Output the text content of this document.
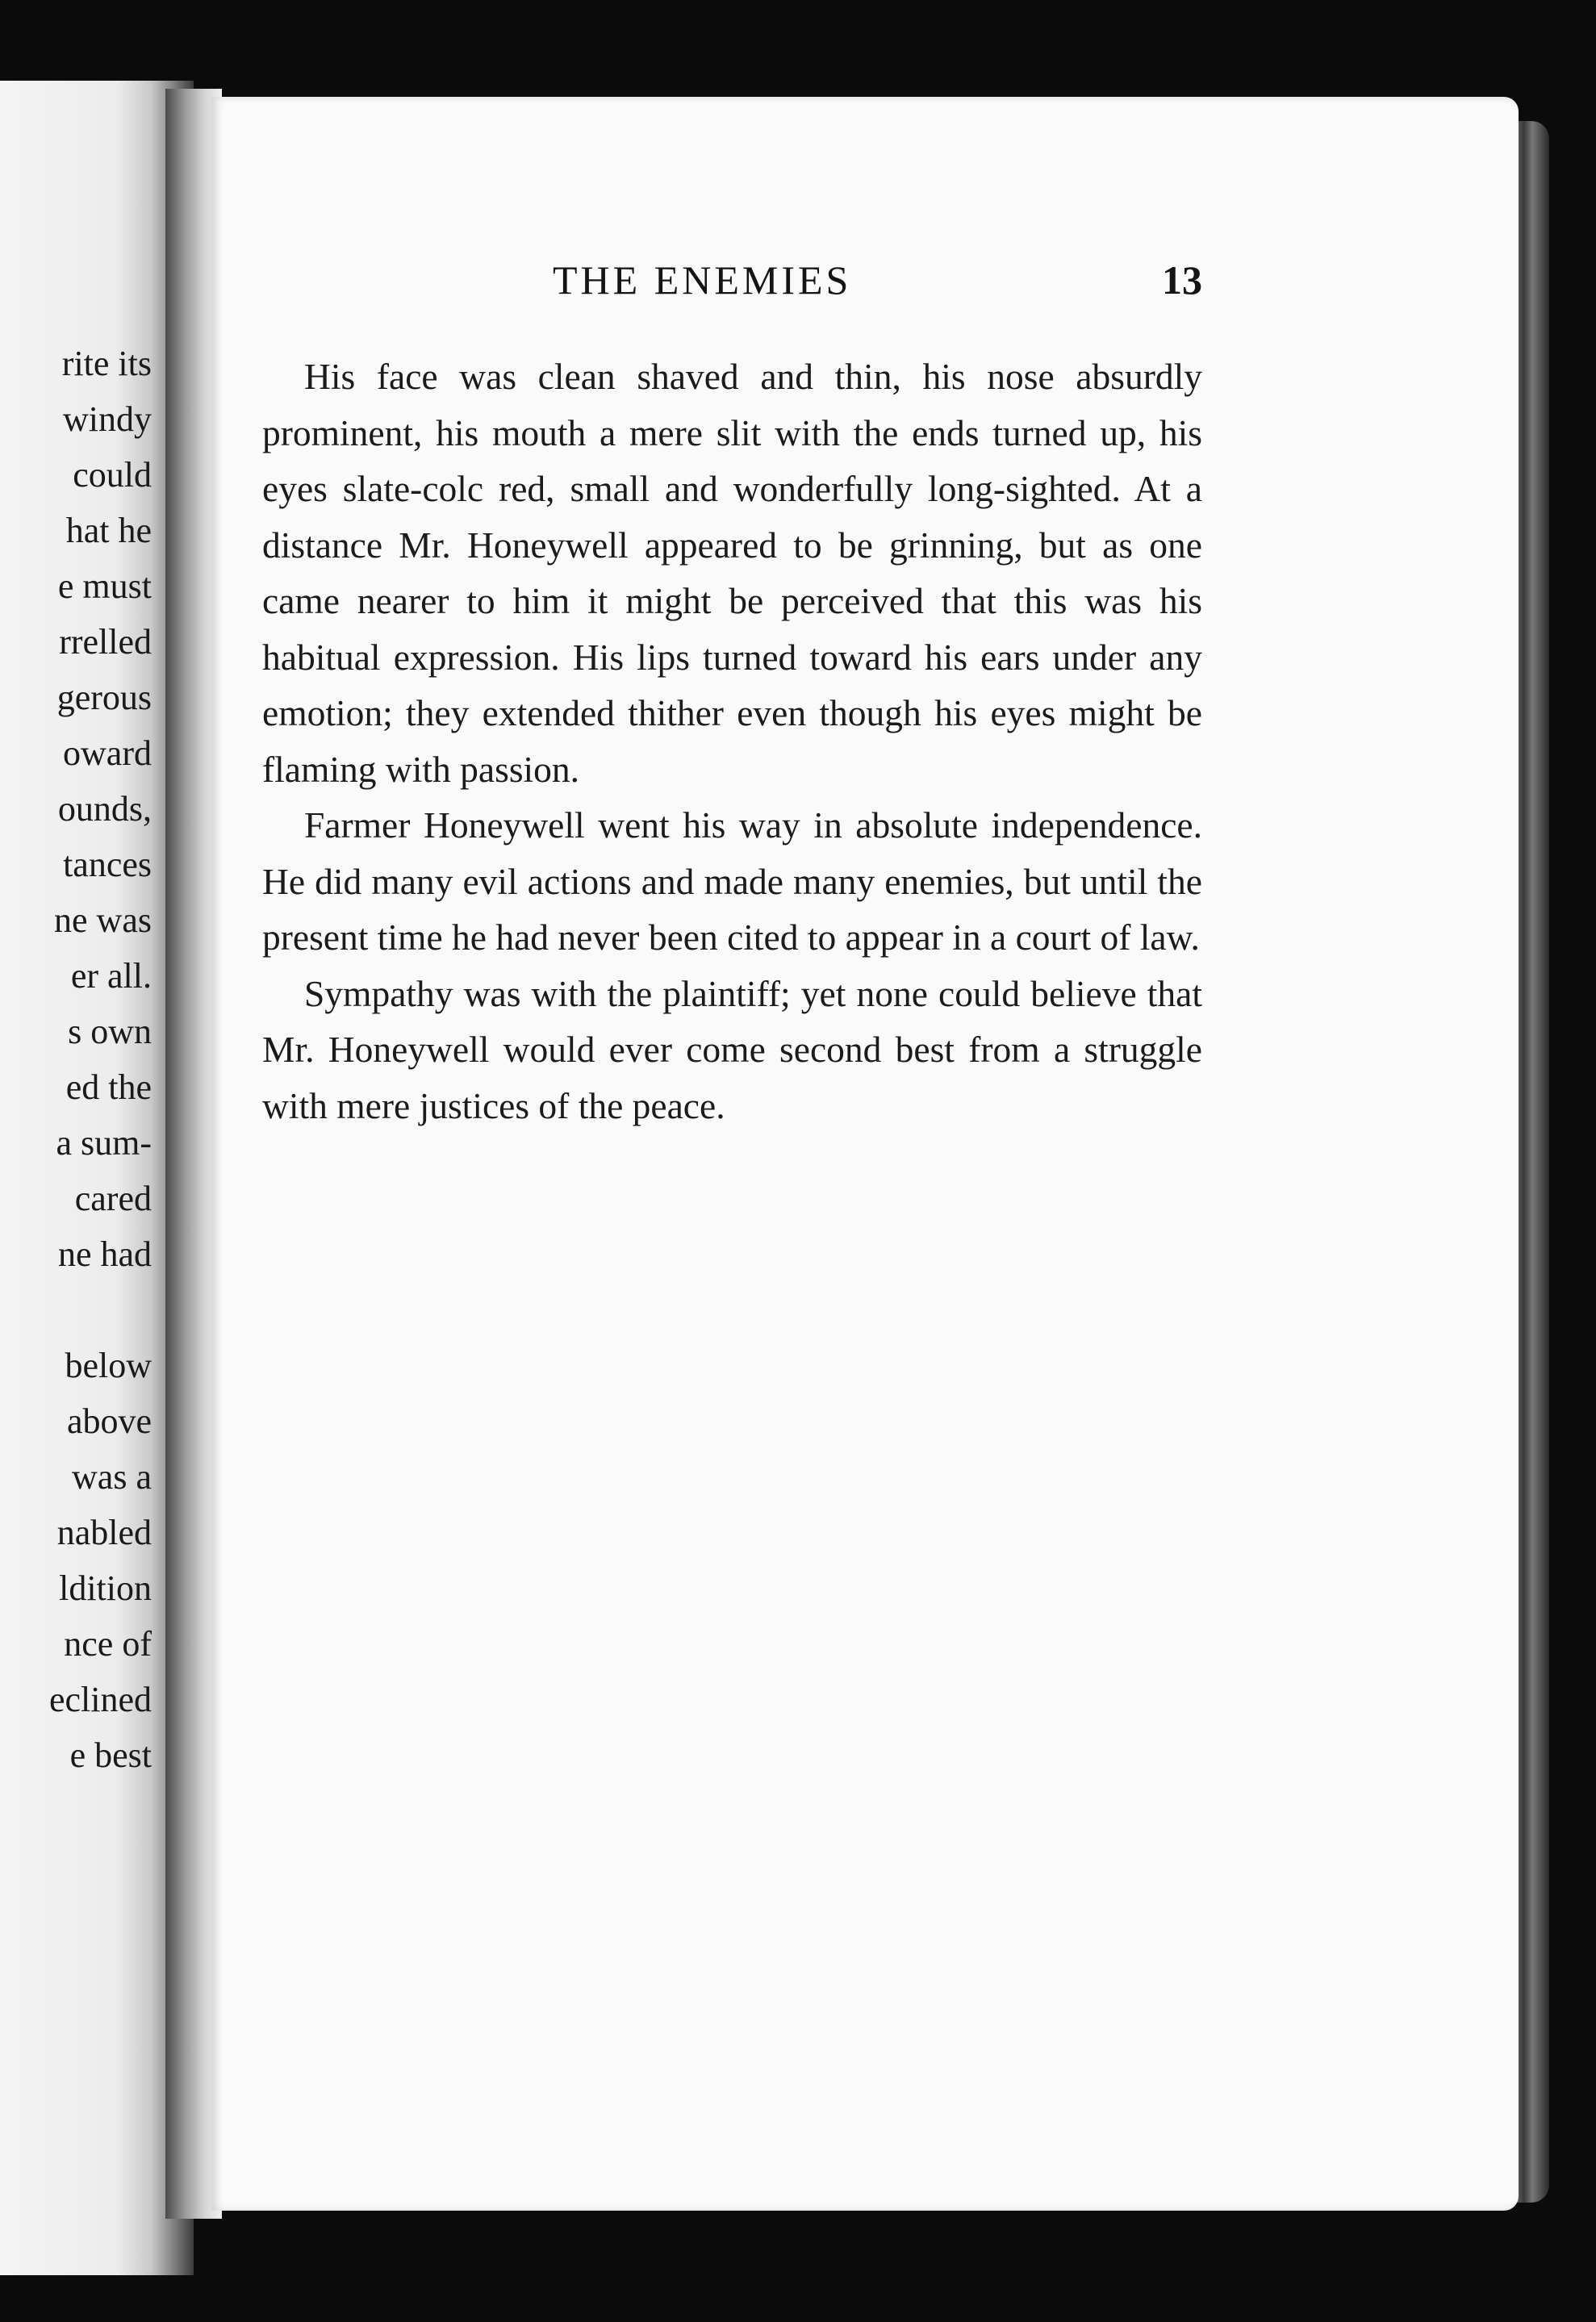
rite its

windy

could

hat he

e must

rrelled

gerous

oward

ounds,

tances

ne was

er all.

s own

ed the

a sum-

cared

ne had

below

above

was a

nabled

ldition

nce of

eclined

e best

THE ENEMIES	13

His face was clean shaved and thin, his nose absurdly prominent, his mouth a mere slit with the ends turned up, his eyes slate-colc red, small and wonderfully long-sighted. At a distance Mr. Honeywell appeared to be grinning, but as one came nearer to him it might be perceived that this was his habitual expression. His lips turned toward his ears under any emotion; they extended thither even though his eyes might be flaming with passion.

Farmer Honeywell went his way in absolute independence. He did many evil actions and made many enemies, but until the present time he had never been cited to appear in a court of law.

Sympathy was with the plaintiff; yet none could believe that Mr. Honeywell would ever come second best from a struggle with mere justices of the peace.
